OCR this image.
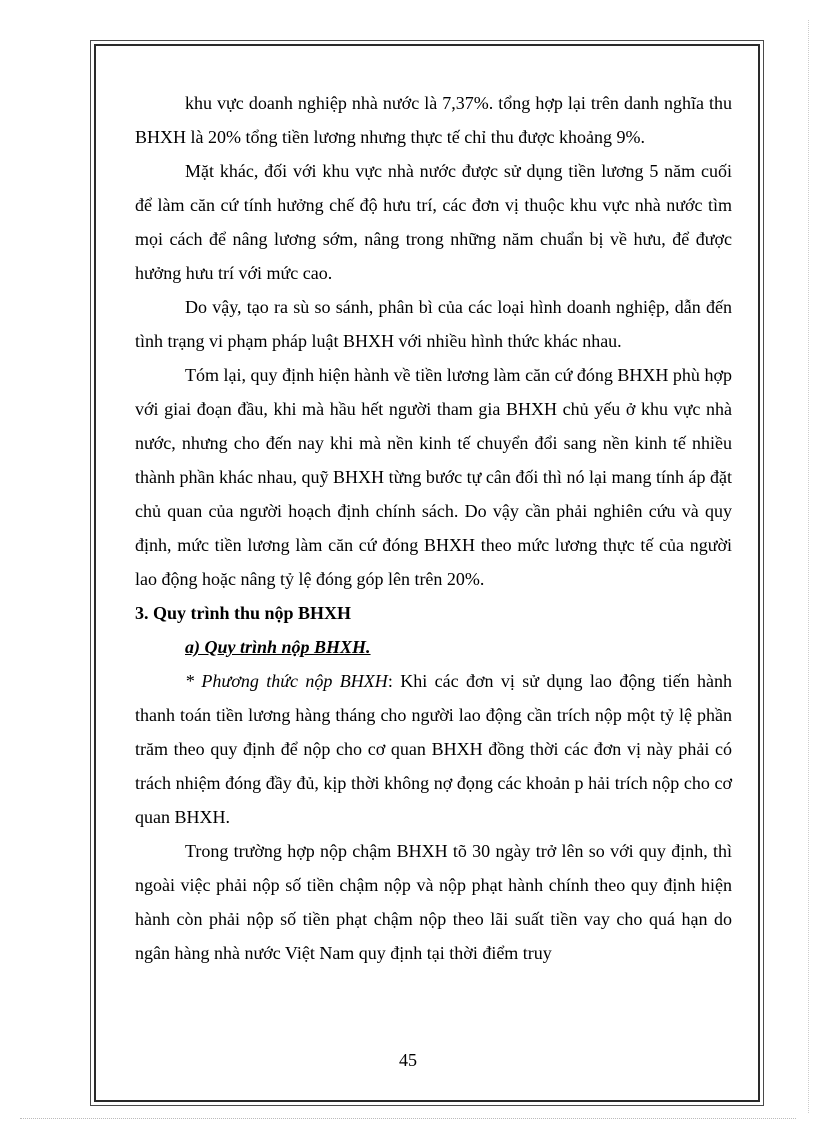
khu vực doanh nghiệp nhà nước là 7,37%. tổng hợp lại trên danh nghĩa thu BHXH là 20% tổng tiền lương nhưng thực tế chỉ thu được khoảng 9%.

Mặt khác, đối với khu vực nhà nước được sử dụng tiền lương 5 năm cuối để làm căn cứ tính hưởng chế độ hưu trí, các đơn vị thuộc khu vực nhà nước tìm mọi cách để nâng lương sớm, nâng trong những năm chuẩn bị về hưu, để được hưởng hưu trí với mức cao.

Do vậy, tạo ra sù so sánh, phân bì của các loại hình doanh nghiệp, dẫn đến tình trạng vi phạm pháp luật BHXH với nhiều hình thức khác nhau.

Tóm lại, quy định hiện hành về tiền lương làm căn cứ đóng BHXH phù hợp với giai đoạn đầu, khi mà hầu hết người tham gia BHXH chủ yếu ở khu vực nhà nước, nhưng cho đến nay khi mà nền kinh tế chuyển đổi sang nền kinh tế nhiều thành phần khác nhau, quỹ BHXH từng bước tự cân đối thì nó lại mang tính áp đặt chủ quan của người hoạch định chính sách. Do vậy cần phải nghiên cứu và quy định, mức tiền lương làm căn cứ đóng BHXH theo mức lương thực tế của người lao động hoặc nâng tỷ lệ đóng góp lên trên 20%.

3. Quy trình thu nộp BHXH

a) Quy trình nộp BHXH.

* Phương thức nộp BHXH: Khi các đơn vị sử dụng lao động tiến hành thanh toán tiền lương hàng tháng cho người lao động cần trích nộp một tỷ lệ phần trăm theo quy định để nộp cho cơ quan BHXH đồng thời các đơn vị này phải có trách nhiệm đóng đầy đủ, kịp thời không nợ đọng các khoản p hải trích nộp cho cơ quan BHXH.

Trong trường hợp nộp chậm BHXH tõ 30 ngày trở lên so với quy định, thì ngoài việc phải nộp số tiền chậm nộp và nộp phạt hành chính theo quy định hiện hành còn phải nộp số tiền phạt chậm nộp theo lãi suất tiền vay cho quá hạn do ngân hàng nhà nước Việt Nam quy định tại thời điểm truy

45
